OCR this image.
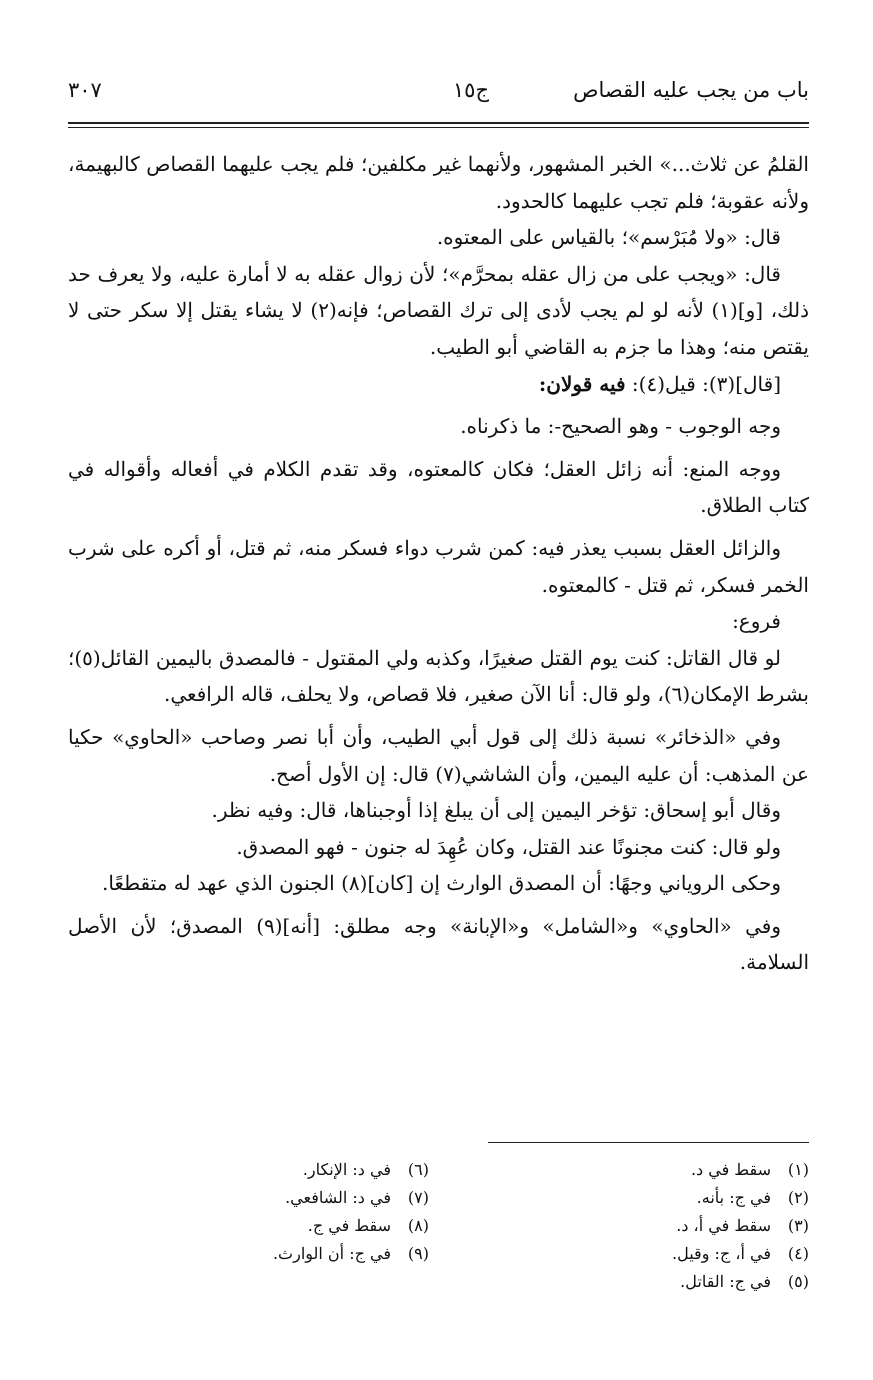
باب من يجب عليه القصاص
ج١٥
٣٠٧

القلمُ عن ثلاث...» الخبر المشهور، ولأنهما غير مكلفين؛ فلم يجب عليهما القصاص كالبهيمة، ولأنه عقوبة؛ فلم تجب عليهما كالحدود.

قال: «ولا مُبَرْسم»؛ بالقياس على المعتوه.

قال: «ويجب على من زال عقله بمحرَّم»؛ لأن زوال عقله به لا أمارة عليه، ولا يعرف حد ذلك، [و](١) لأنه لو لم يجب لأدى إلى ترك القصاص؛ فإنه(٢) لا يشاء يقتل إلا سكر حتى لا يقتص منه؛ وهذا ما جزم به القاضي أبو الطيب.

[قال](٣): قيل(٤): فيه قولان:

وجه الوجوب - وهو الصحيح-: ما ذكرناه.

ووجه المنع: أنه زائل العقل؛ فكان كالمعتوه، وقد تقدم الكلام في أفعاله وأقواله في كتاب الطلاق.

والزائل العقل بسبب يعذر فيه: كمن شرب دواء فسكر منه، ثم قتل، أو أكره على شرب الخمر فسكر، ثم قتل - كالمعتوه.

فروع:

لو قال القاتل: كنت يوم القتل صغيرًا، وكذبه ولي المقتول - فالمصدق باليمين القائل(٥)؛ بشرط الإمكان(٦)، ولو قال: أنا الآن صغير، فلا قصاص، ولا يحلف، قاله الرافعي.

وفي «الذخائر» نسبة ذلك إلى قول أبي الطيب، وأن أبا نصر وصاحب «الحاوي» حكيا عن المذهب: أن عليه اليمين، وأن الشاشي(٧) قال: إن الأول أصح.

وقال أبو إسحاق: تؤخر اليمين إلى أن يبلغ إذا أوجبناها، قال: وفيه نظر.

ولو قال: كنت مجنونًا عند القتل، وكان عُهِدَ له جنون - فهو المصدق.

وحكى الروياني وجهًا: أن المصدق الوارث إن [كان](٨) الجنون الذي عهد له متقطعًا.

وفي «الحاوي» و«الشامل» و«الإبانة» وجه مطلق: [أنه](٩) المصدق؛ لأن الأصل السلامة.

(١)سقط في د.
(٢)في ج: بأنه.
(٣)سقط في أ، د.
(٤)في أ، ج: وقيل.
(٥)في ج: القاتل.
(٦)في د: الإنكار.
(٧)في د: الشافعي.
(٨)سقط في ج.
(٩)في ج: أن الوارث.
